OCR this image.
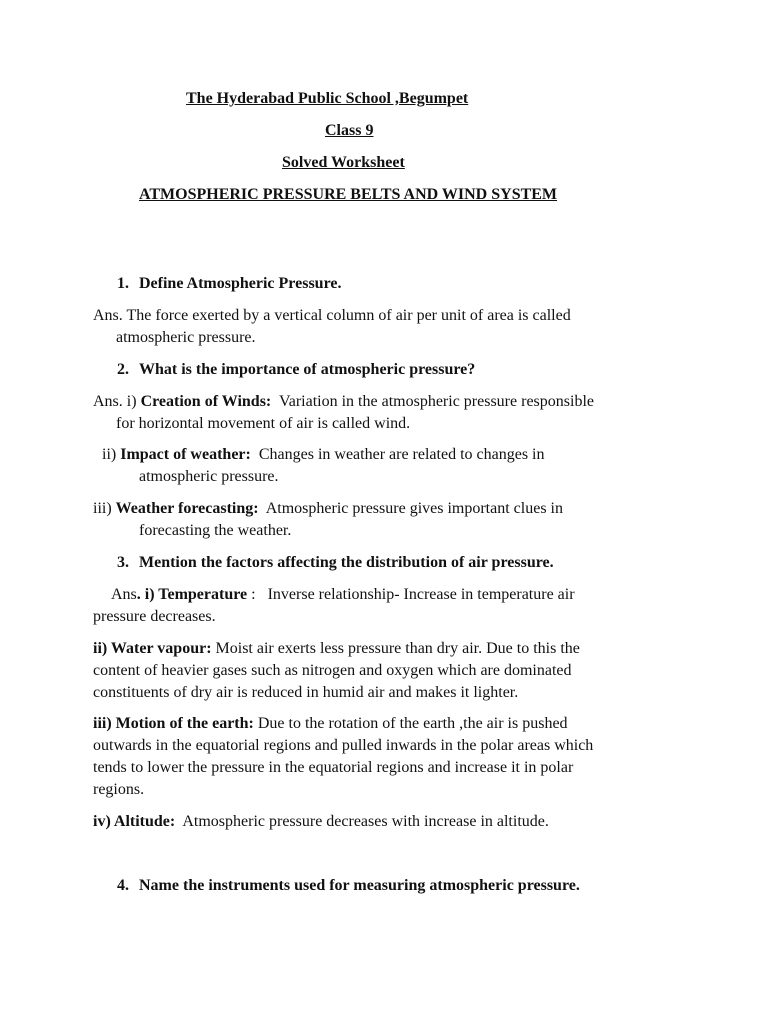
The Hyderabad Public School ,Begumpet
Class 9
Solved Worksheet
ATMOSPHERIC PRESSURE BELTS AND WIND SYSTEM
1. Define Atmospheric Pressure.
Ans. The force exerted by a vertical column of air per unit of area is called
atmospheric pressure.
2. What is the importance of atmospheric pressure?
Ans. i) Creation of Winds:  Variation in the atmospheric pressure responsible
for horizontal movement of air is called wind.
ii) Impact of weather:  Changes in weather are related to changes in
atmospheric pressure.
iii) Weather forecasting:  Atmospheric pressure gives important clues in
forecasting the weather.
3. Mention the factors affecting the distribution of air pressure.
Ans. i) Temperature :   Inverse relationship- Increase in temperature air
pressure decreases.
ii) Water vapour: Moist air exerts less pressure than dry air. Due to this the
content of heavier gases such as nitrogen and oxygen which are dominated
constituents of dry air is reduced in humid air and makes it lighter.
iii) Motion of the earth: Due to the rotation of the earth ,the air is pushed
outwards in the equatorial regions and pulled inwards in the polar areas which
tends to lower the pressure in the equatorial regions and increase it in polar
regions.
iv) Altitude:  Atmospheric pressure decreases with increase in altitude.
4. Name the instruments used for measuring atmospheric pressure.
